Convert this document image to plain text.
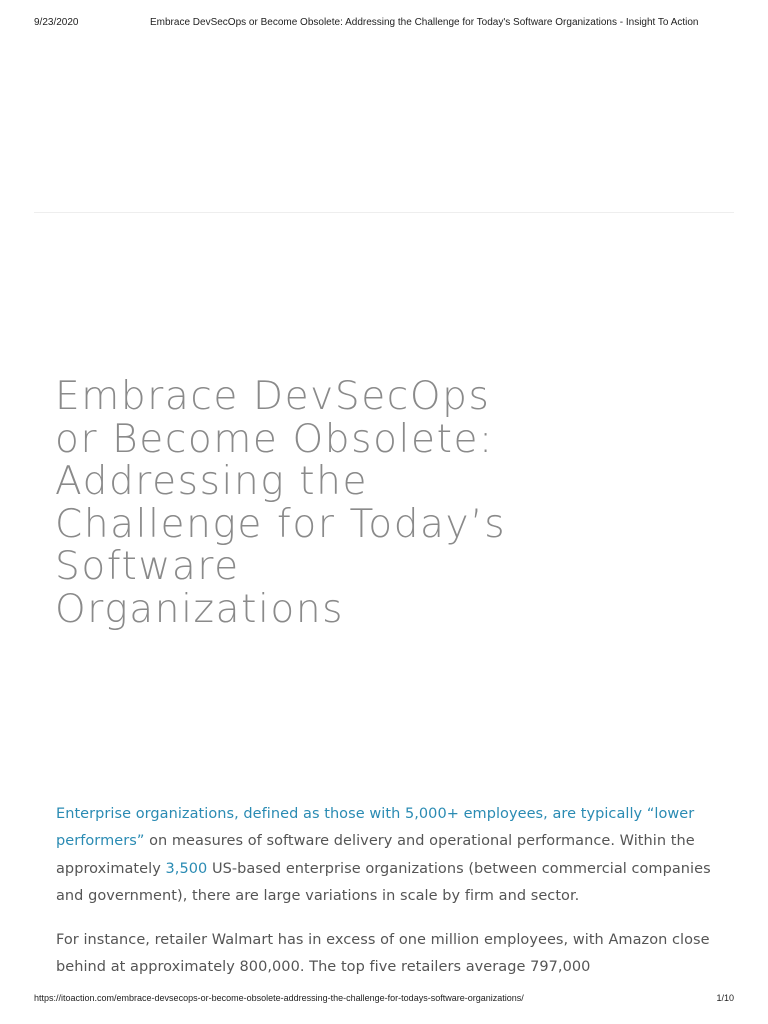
9/23/2020	Embrace DevSecOps or Become Obsolete: Addressing the Challenge for Today's Software Organizations - Insight To Action
Embrace DevSecOps
or Become Obsolete:
Addressing the
Challenge for Today’s
Software
Organizations

Enterprise organizations, defined as those with 5,000+ employees, are typically “lower performers” on measures of software delivery and operational performance. Within the approximately 3,500 US-based enterprise organizations (between commercial companies and government), there are large variations in scale by firm and sector.

For instance, retailer Walmart has in excess of one million employees, with Amazon close behind at approximately 800,000. The top five retailers average 797,000

https://itoaction.com/embrace-devsecops-or-become-obsolete-addressing-the-challenge-for-todays-software-organizations/	1/10
